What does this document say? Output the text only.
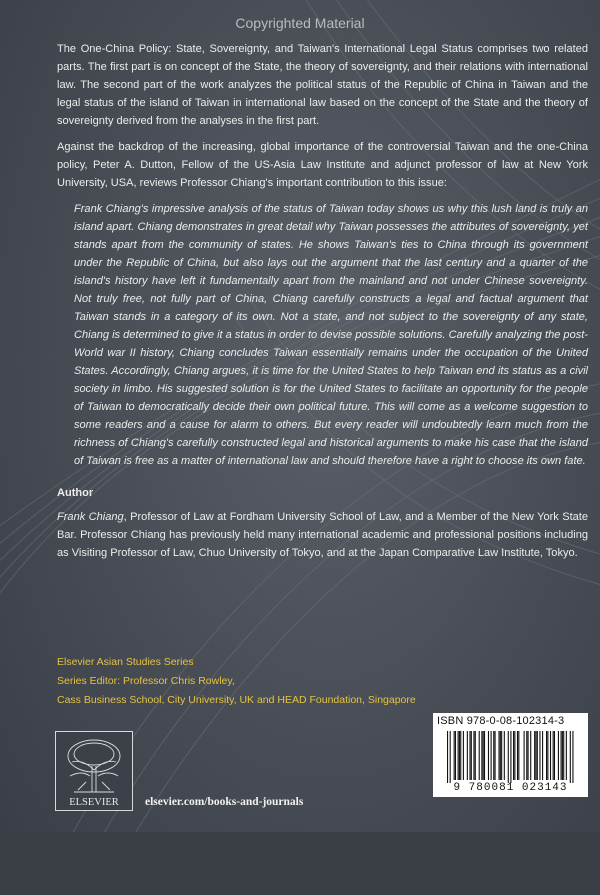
Copyrighted Material

The One-China Policy: State, Sovereignty, and Taiwan's International Legal Status comprises two related parts. The first part is on concept of the State, the theory of sovereignty, and their relations with international law. The second part of the work analyzes the political status of the Republic of China in Taiwan and the legal status of the island of Taiwan in international law based on the concept of the State and the theory of sovereignty derived from the analyses in the first part.

Against the backdrop of the increasing, global importance of the controversial Taiwan and the one-China policy, Peter A. Dutton, Fellow of the US-Asia Law Institute and adjunct professor of law at New York University, USA, reviews Professor Chiang's important contribution to this issue:

Frank Chiang's impressive analysis of the status of Taiwan today shows us why this lush land is truly an island apart. Chiang demonstrates in great detail why Taiwan possesses the attributes of sovereignty, yet stands apart from the community of states. He shows Taiwan's ties to China through its government under the Republic of China, but also lays out the argument that the last century and a quarter of the island's history have left it fundamentally apart from the mainland and not under Chinese sovereignty. Not truly free, not fully part of China, Chiang carefully constructs a legal and factual argument that Taiwan stands in a category of its own. Not a state, and not subject to the sovereignty of any state, Chiang is determined to give it a status in order to devise possible solutions. Carefully analyzing the post-World war II history, Chiang concludes Taiwan essentially remains under the occupation of the United States. Accordingly, Chiang argues, it is time for the United States to help Taiwan end its status as a civil society in limbo. His suggested solution is for the United States to facilitate an opportunity for the people of Taiwan to democratically decide their own political future. This will come as a welcome suggestion to some readers and a cause for alarm to others. But every reader will undoubtedly learn much from the richness of Chiang's carefully constructed legal and historical arguments to make his case that the island of Taiwan is free as a matter of international law and should therefore have a right to choose its own fate.

Author

Frank Chiang, Professor of Law at Fordham University School of Law, and a Member of the New York State Bar. Professor Chiang has previously held many international academic and professional positions including as Visiting Professor of Law, Chuo University of Tokyo, and at the Japan Comparative Law Institute, Tokyo.

Elsevier Asian Studies Series
Series Editor: Professor Chris Rowley,
Cass Business School, City University, UK and HEAD Foundation, Singapore
ELSEVIER elsevier.com/books-and-journals
ISBN 978-0-08-102314-3
9 780081 023143
